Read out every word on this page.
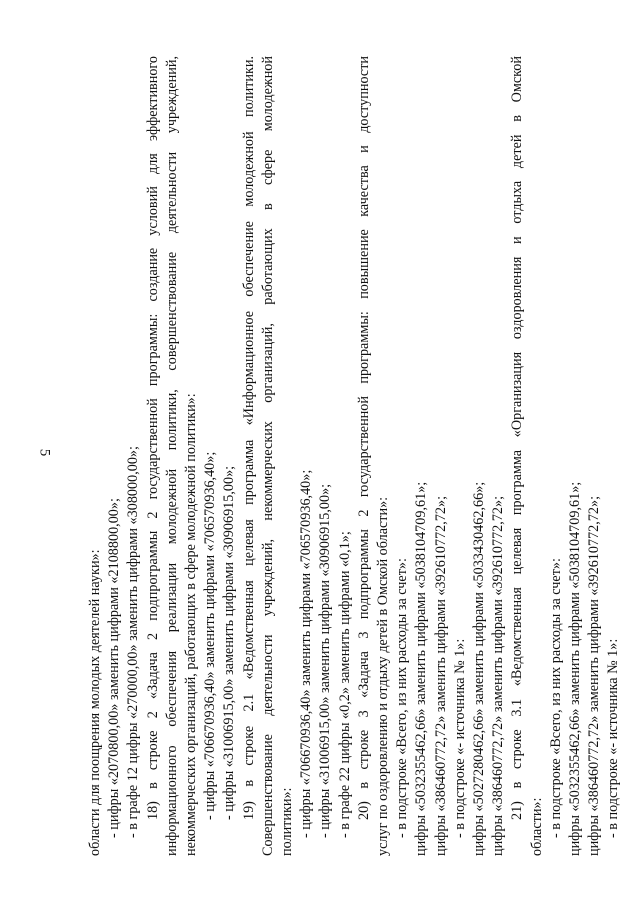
5
области для поощрения молодых деятелей науки»: - цифры «2070800,00» заменить цифрами «2108800,00»; - в графе 12 цифры «270000,00» заменить цифрами «308000,00»; 18) в строке 2 «Задача 2 подпрограммы 2 государственной программы: создание условий для эффективного информационного обеспечения реализации молодежной политики, совершенствование деятельности учреждений, некоммерческих организаций, работающих в сфере молодежной политики»: - цифры «706670936,40» заменить цифрами «706570936,40»; - цифры «31006915,00» заменить цифрами «30906915,00»; 19) в строке 2.1 «Ведомственная целевая программа «Информационное обеспечение молодежной политики. Совершенствование деятельности учреждений, некоммерческих организаций, работающих в сфере молодежной политики»: - цифры «706670936,40» заменить цифрами «706570936,40»; - цифры «31006915,00» заменить цифрами «30906915,00»; - в графе 22 цифры «0,2» заменить цифрами «0,1»; 20) в строке 3 «Задача 3 подпрограммы 2 государственной программы: повышение качества и доступности услуг по оздоровлению и отдыху детей в Омской области»: - в подстроке «Всего, из них расходы за счет»: цифры «5032355462,66» заменить цифрами «5038104709,61»; цифры «386460772,72» заменить цифрами «392610772,72»; - в подстроке «- источника № 1»: цифры «5027280462,66» заменить цифрами «5033430462,66»; цифры «386460772,72» заменить цифрами «392610772,72»; 21) в строке 3.1 «Ведомственная целевая программа «Организация оздоровления и отдыха детей в Омской
области»: - в подстроке «Всего, из них расходы за счет»: цифры «5032355462,66» заменить цифрами «5038104709,61»; цифры «386460772,72» заменить цифрами «392610772,72»; - в подстроке «- источника № 1»:
